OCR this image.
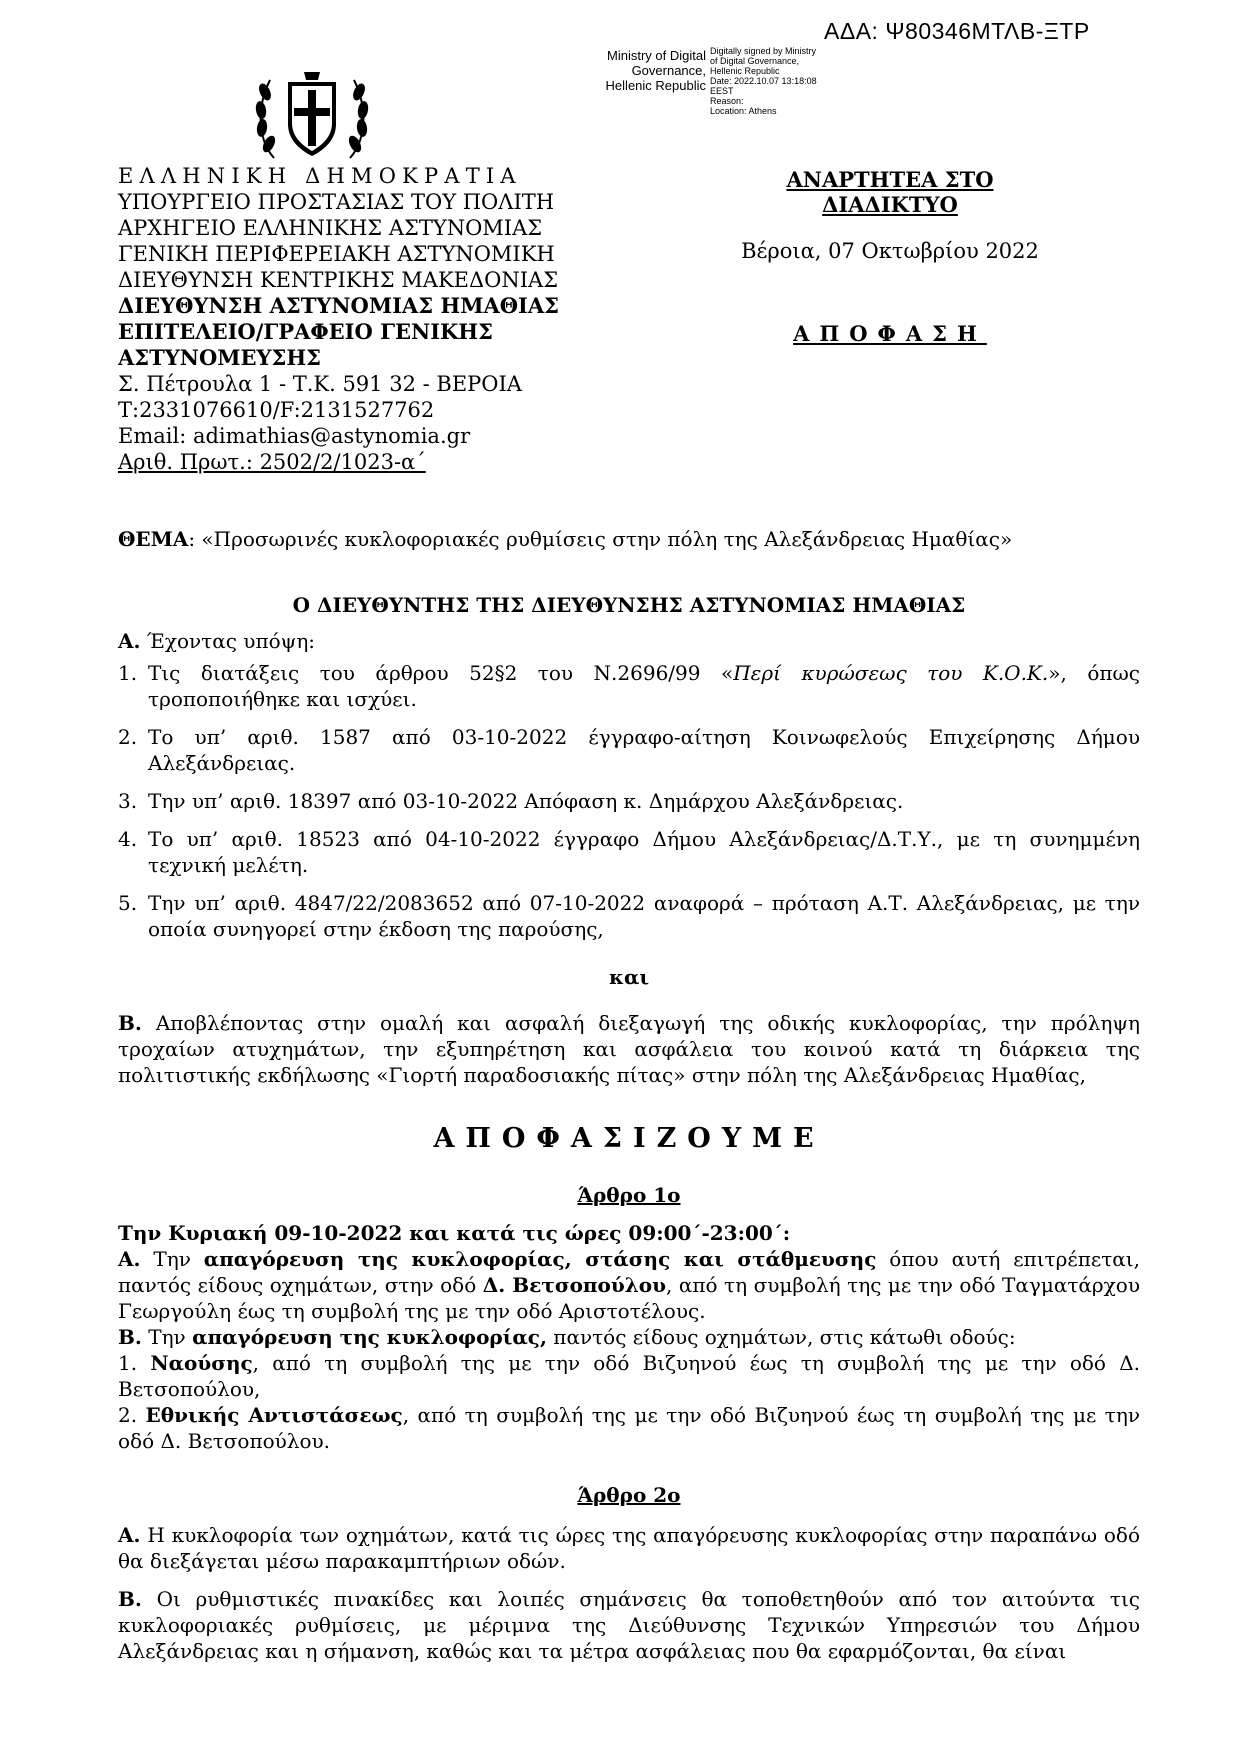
ΑΔΑ: Ψ80346ΜΤΛΒ-ΞΤΡ
Ministry of Digital
Governance,
Hellenic Republic
Digitally signed by Ministry
of Digital Governance,
Hellenic Republic
Date: 2022.10.07 13:18:08
EEST
Reason:
Location: Athens
ΕΛΛΗΝΙΚΗ ΔΗΜΟΚΡΑΤΙΑ
ΥΠΟΥΡΓΕΙΟ ΠΡΟΣΤΑΣΙΑΣ ΤΟΥ ΠΟΛΙΤΗ
ΑΡΧΗΓΕΙΟ ΕΛΛΗΝΙΚΗΣ ΑΣΤΥΝΟΜΙΑΣ
ΓΕΝΙΚΗ ΠΕΡΙΦΕΡΕΙΑΚΗ ΑΣΤΥΝΟΜΙΚΗ
ΔΙΕΥΘΥΝΣΗ ΚΕΝΤΡΙΚΗΣ ΜΑΚΕΔΟΝΙΑΣ
ΔΙΕΥΘΥΝΣΗ ΑΣΤΥΝΟΜΙΑΣ ΗΜΑΘΙΑΣ
ΕΠΙΤΕΛΕΙΟ/ΓΡΑΦΕΙΟ ΓΕΝΙΚΗΣ
ΑΣΤΥΝΟΜΕΥΣΗΣ
Σ. Πέτρουλα 1 - Τ.Κ. 591 32 - ΒΕΡΟΙΑ
Τ:2331076610/F:2131527762
Email: adimathias@astynomia.gr
Αριθ. Πρωτ.: 2502/2/1023-α΄
ΑΝΑΡΤΗΤΕΑ ΣΤΟ ΔΙΑΔΙΚΤΥΟ
Βέροια, 07 Οκτωβρίου 2022
ΑΠΟΦΑΣΗ
ΘΕΜΑ: «Προσωρινές κυκλοφοριακές ρυθμίσεις στην πόλη της Αλεξάνδρειας Ημαθίας»

Ο ΔΙΕΥΘΥΝΤΗΣ ΤΗΣ ΔΙΕΥΘΥΝΣΗΣ ΑΣΤΥΝΟΜΙΑΣ ΗΜΑΘΙΑΣ

Α. Έχοντας υπόψη:

1. Τις διατάξεις του άρθρου 52§2 του Ν.2696/99 «Περί κυρώσεως του Κ.Ο.Κ.», όπως τροποποιήθηκε και ισχύει.
2. Το υπ’ αριθ. 1587 από 03-10-2022 έγγραφο-αίτηση Κοινωφελούς Επιχείρησης Δήμου Αλεξάνδρειας.
3. Την υπ’ αριθ. 18397 από 03-10-2022 Απόφαση κ. Δημάρχου Αλεξάνδρειας.
4. Το υπ’ αριθ. 18523 από 04-10-2022 έγγραφο Δήμου Αλεξάνδρειας/Δ.Τ.Υ., με τη συνημμένη τεχνική μελέτη.
5. Την υπ’ αριθ. 4847/22/2083652 από 07-10-2022 αναφορά – πρόταση Α.Τ. Αλεξάνδρειας, με την οποία συνηγορεί στην έκδοση της παρούσης,

και

Β. Αποβλέποντας στην ομαλή και ασφαλή διεξαγωγή της οδικής κυκλοφορίας, την πρόληψη τροχαίων ατυχημάτων, την εξυπηρέτηση και ασφάλεια του κοινού κατά τη διάρκεια της πολιτιστικής εκδήλωσης «Γιορτή παραδοσιακής πίτας» στην πόλη της Αλεξάνδρειας Ημαθίας,

ΑΠΟΦΑΣΙΖΟΥΜΕ

Άρθρο 1ο

Την Κυριακή 09-10-2022 και κατά τις ώρες 09:00΄-23:00΄:

Α. Την απαγόρευση της κυκλοφορίας, στάσης και στάθμευσης όπου αυτή επιτρέπεται, παντός είδους οχημάτων, στην οδό Δ. Βετσοπούλου, από τη συμβολή της με την οδό Ταγματάρχου Γεωργούλη έως τη συμβολή της με την οδό Αριστοτέλους.

Β. Την απαγόρευση της κυκλοφορίας, παντός είδους οχημάτων, στις κάτωθι οδούς:

1. Ναούσης, από τη συμβολή της με την οδό Βιζυηνού έως τη συμβολή της με την οδό Δ. Βετσοπούλου,

2. Εθνικής Αντιστάσεως, από τη συμβολή της με την οδό Βιζυηνού έως τη συμβολή της με την οδό Δ. Βετσοπούλου.

Άρθρο 2ο

Α. Η κυκλοφορία των οχημάτων, κατά τις ώρες της απαγόρευσης κυκλοφορίας στην παραπάνω οδό θα διεξάγεται μέσω παρακαμπτήριων οδών.

Β. Οι ρυθμιστικές πινακίδες και λοιπές σημάνσεις θα τοποθετηθούν από τον αιτούντα τις κυκλοφοριακές ρυθμίσεις, με μέριμνα της Διεύθυνσης Τεχνικών Υπηρεσιών του Δήμου Αλεξάνδρειας και η σήμανση, καθώς και τα μέτρα ασφάλειας που θα εφαρμόζονται, θα είναι
